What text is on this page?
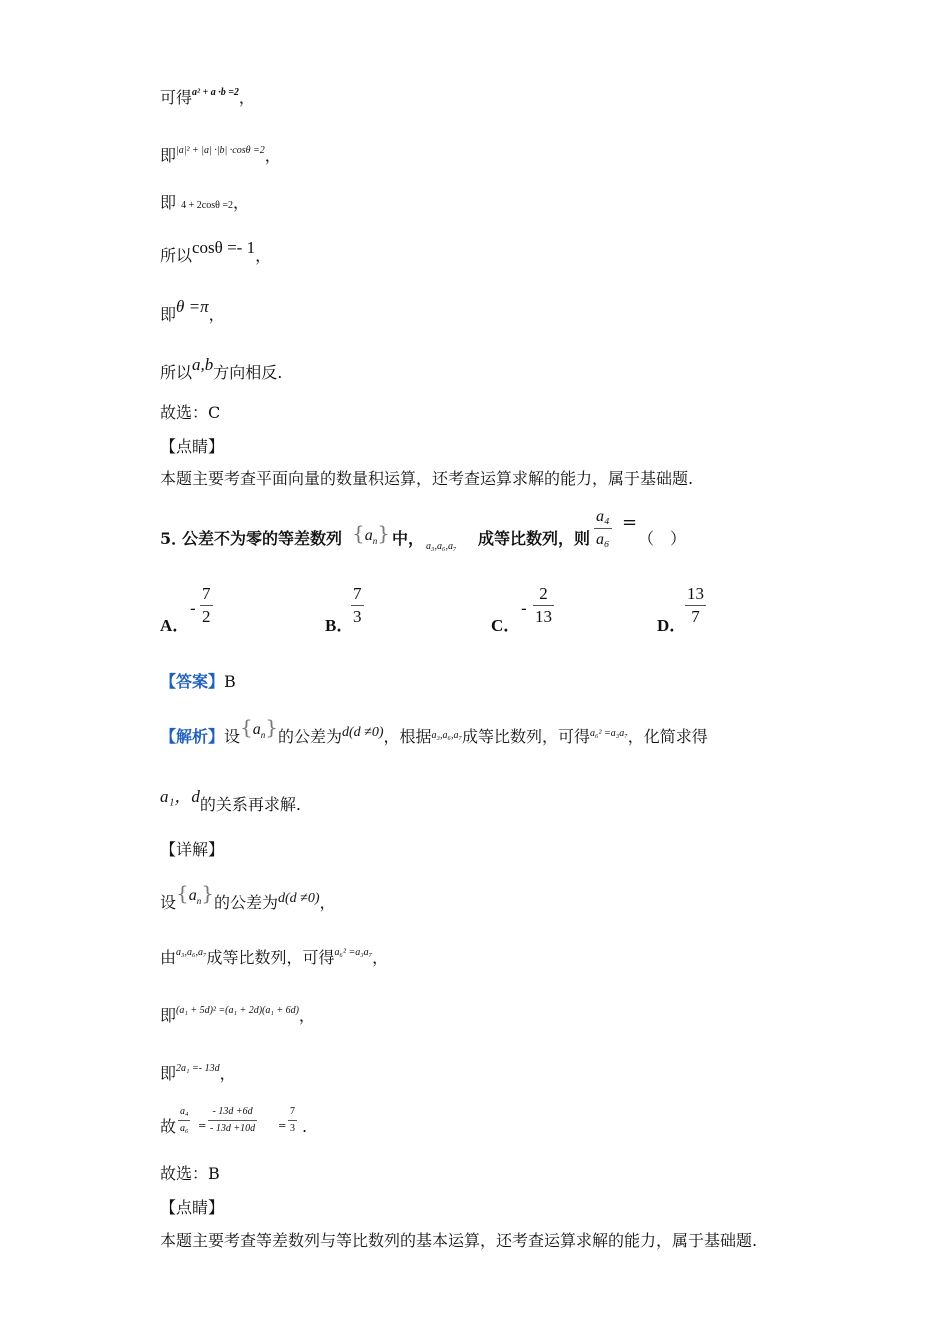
可得$^{a^2 + a \cdot b =2}$，
即$^{|a|^2 + |a| \cdot|b| \cdot cos\theta =2}$，
即 4 + 2cosθ =2，
所以cosθ =- 1，
即θ =π，
所以a,b方向相反.
故选：C
【点睛】
本题主要考查平面向量的数量积运算，还考查运算求解的能力，属于基础题.
5．
公差不为零的等差数列 $\{a_n\}$ 中， a₃,a₆,a₇ 成等比数列，则 $\frac{\text{a₄}}{\text{a₆}}$ =
（　）
A．
- $\frac{7}{2}$	B．
$\frac{7}{3}$	C．
- $\frac{2}{13}$	D．
$\frac{13}{7}$
【答案】B
【解析】设$\{a_n\}$的公差为d(d ≠0)，根据$^{a_3,a_6,a_7}$成等比数列，可得$^{a_6^2 =a_3a_7}$，化简求得
a₁，d的关系再求解.
【详解】
设$\{a_n\}$的公差为d(d ≠0)，
由$^{a_3,a_6,a_7}$成等比数列，可得$^{a_6^2 =a_3a_7}$，
即$^{(a_1 + 5d)^2 =(a_1 + 2d)(a_1 + 6d)}$，
即$^{2a_1 =- 13d}$，
故 $\frac{\text{a₄}}{\text{a₆}} = \frac{- 13d +6d}{- 13d +10d} = \frac{7}{3}$ .
故选：B
【点睛】
本题主要考查等差数列与等比数列的基本运算，还考查运算求解的能力，属于基础题.
